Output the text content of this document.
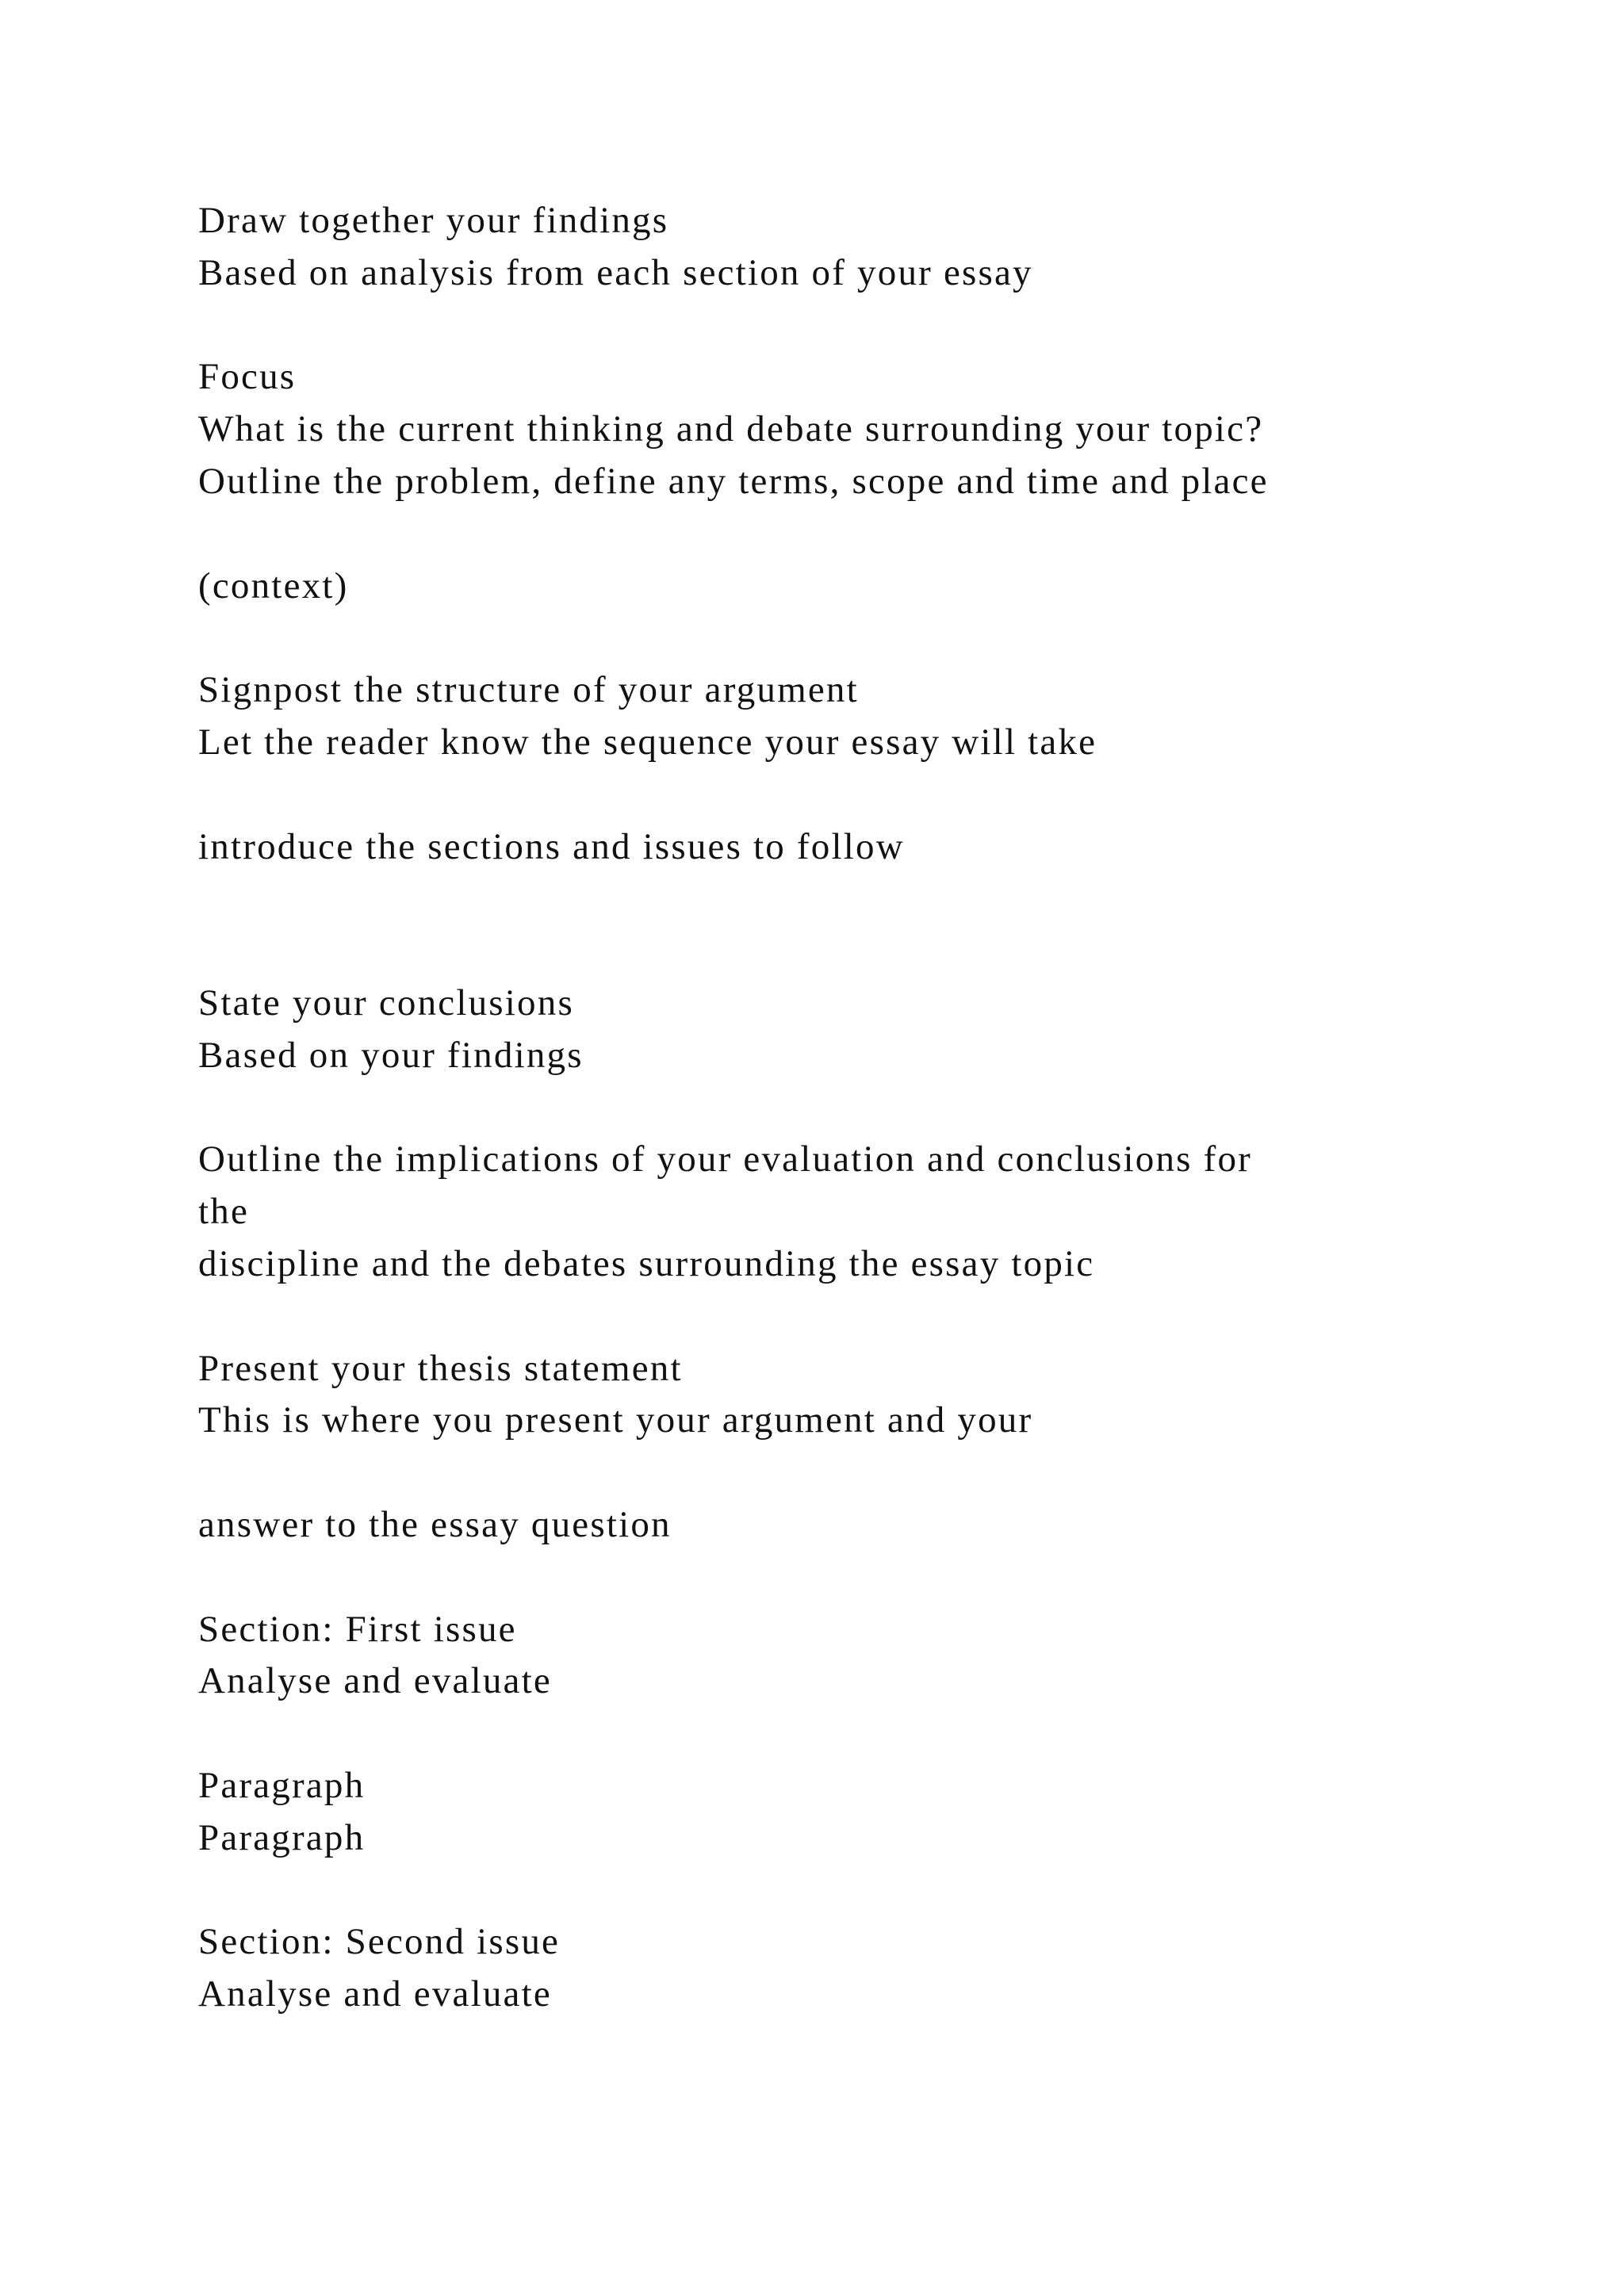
Draw together your findings
Based on analysis from each section of your essay
Focus
What is the current thinking and debate surrounding your topic?
Outline the problem, define any terms, scope and time and place
(context)
Signpost the structure of your argument
Let the reader know the sequence your essay will take
introduce the sections and issues to follow
State your conclusions
Based on your findings
Outline the implications of your evaluation and conclusions for
the
discipline and the debates surrounding the essay topic
Present your thesis statement
This is where you present your argument and your
answer to the essay question
Section: First issue
Analyse and evaluate
Paragraph
Paragraph
Section: Second issue
Analyse and evaluate
